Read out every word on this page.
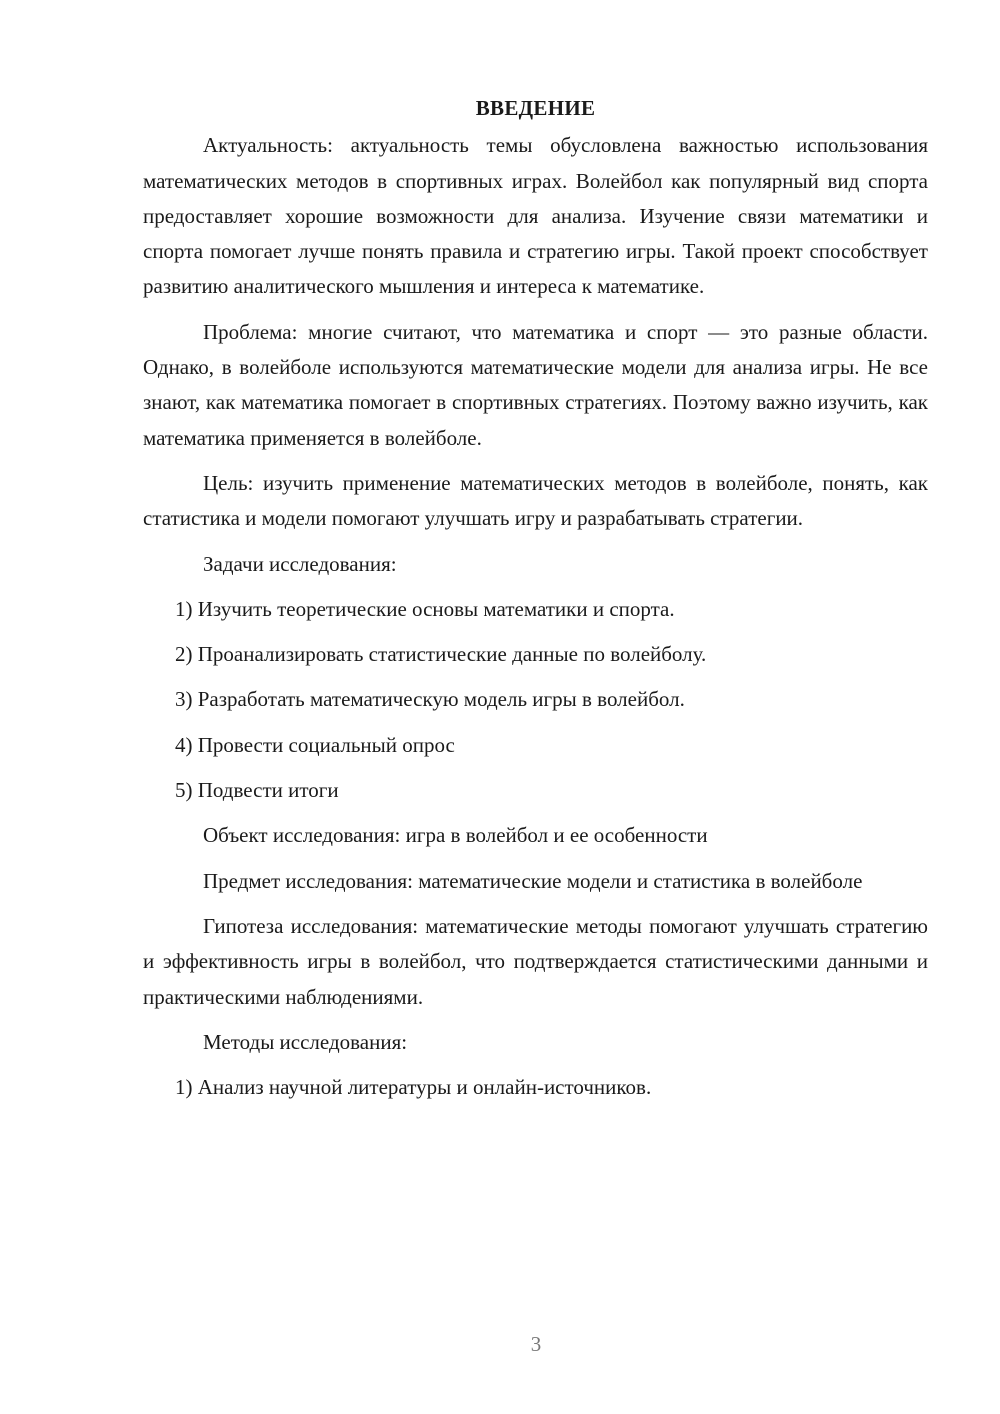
ВВЕДЕНИЕ

Актуальность: актуальность темы обусловлена важностью использования математических методов в спортивных играх. Волейбол как популярный вид спорта предоставляет хорошие возможности для анализа. Изучение связи математики и спорта помогает лучше понять правила и стратегию игры. Такой проект способствует развитию аналитического мышления и интереса к математике.

Проблема: многие считают, что математика и спорт — это разные области. Однако, в волейболе используются математические модели для анализа игры. Не все знают, как математика помогает в спортивных стратегиях. Поэтому важно изучить, как математика применяется в волейболе.

Цель: изучить применение математических методов в волейболе, понять, как статистика и модели помогают улучшать игру и разрабатывать стратегии.

Задачи исследования:

1) Изучить теоретические основы математики и спорта.
2) Проанализировать статистические данные по волейболу.
3) Разработать математическую модель игры в волейбол.
4) Провести социальный опрос
5) Подвести итоги

Объект исследования: игра в волейбол и ее особенности

Предмет исследования: математические модели и статистика в волейболе

Гипотеза исследования: математические методы помогают улучшать стратегию и эффективность игры в волейбол, что подтверждается статистическими данными и практическими наблюдениями.

Методы исследования:

1) Анализ научной литературы и онлайн-источников.
3
